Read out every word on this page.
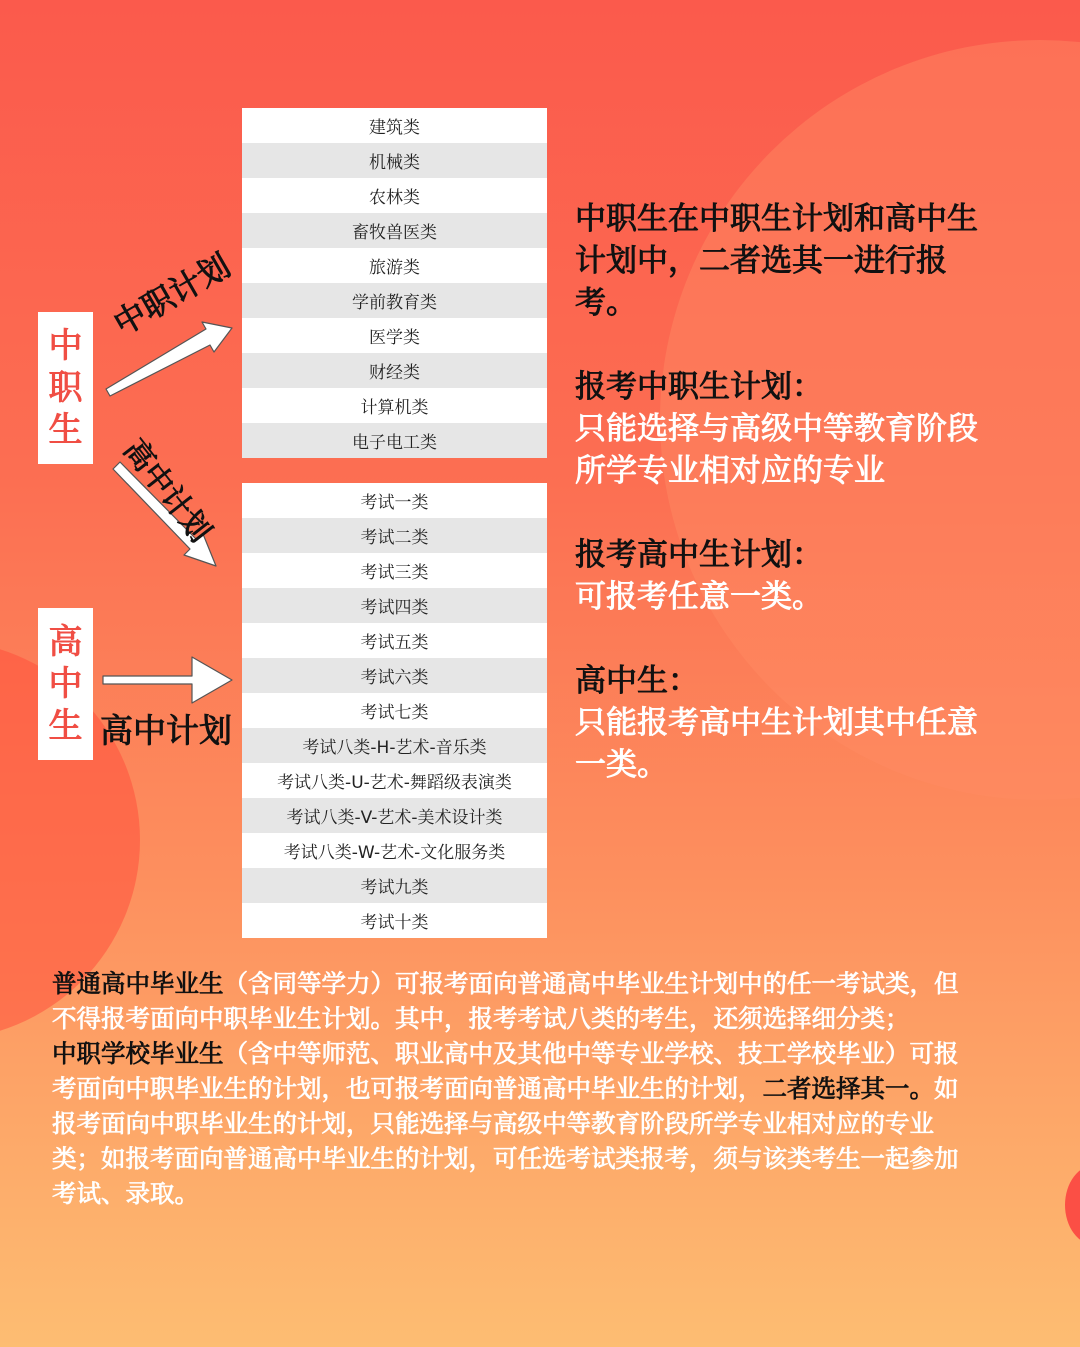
中
职
生
高
中
生
中职计划
高中计划
高中计划
建筑类
机械类
农林类
畜牧兽医类
旅游类
学前教育类
医学类
财经类
计算机类
电子电工类
考试一类
考试二类
考试三类
考试四类
考试五类
考试六类
考试七类
考试八类-H-艺术-音乐类
考试八类-U-艺术-舞蹈级表演类
考试八类-V-艺术-美术设计类
考试八类-W-艺术-文化服务类
考试九类
考试十类
中职生在中职生计划和高中生计划中，二者选其一进行报考。
报考中职生计划：
只能选择与高级中等教育阶段所学专业相对应的专业
报考高中生计划：
可报考任意一类。
高中生：
只能报考高中生计划其中任意一类。
普通高中毕业生（含同等学力）可报考面向普通高中毕业生计划中的任一考试类，但不得报考面向中职毕业生计划。其中，报考考试八类的考生，还须选择细分类；
中职学校毕业生（含中等师范、职业高中及其他中等专业学校、技工学校毕业）可报考面向中职毕业生的计划，也可报考面向普通高中毕业生的计划，二者选择其一。如报考面向中职毕业生的计划，只能选择与高级中等教育阶段所学专业相对应的专业类；如报考面向普通高中毕业生的计划，可任选考试类报考，须与该类考生一起参加考试、录取。
